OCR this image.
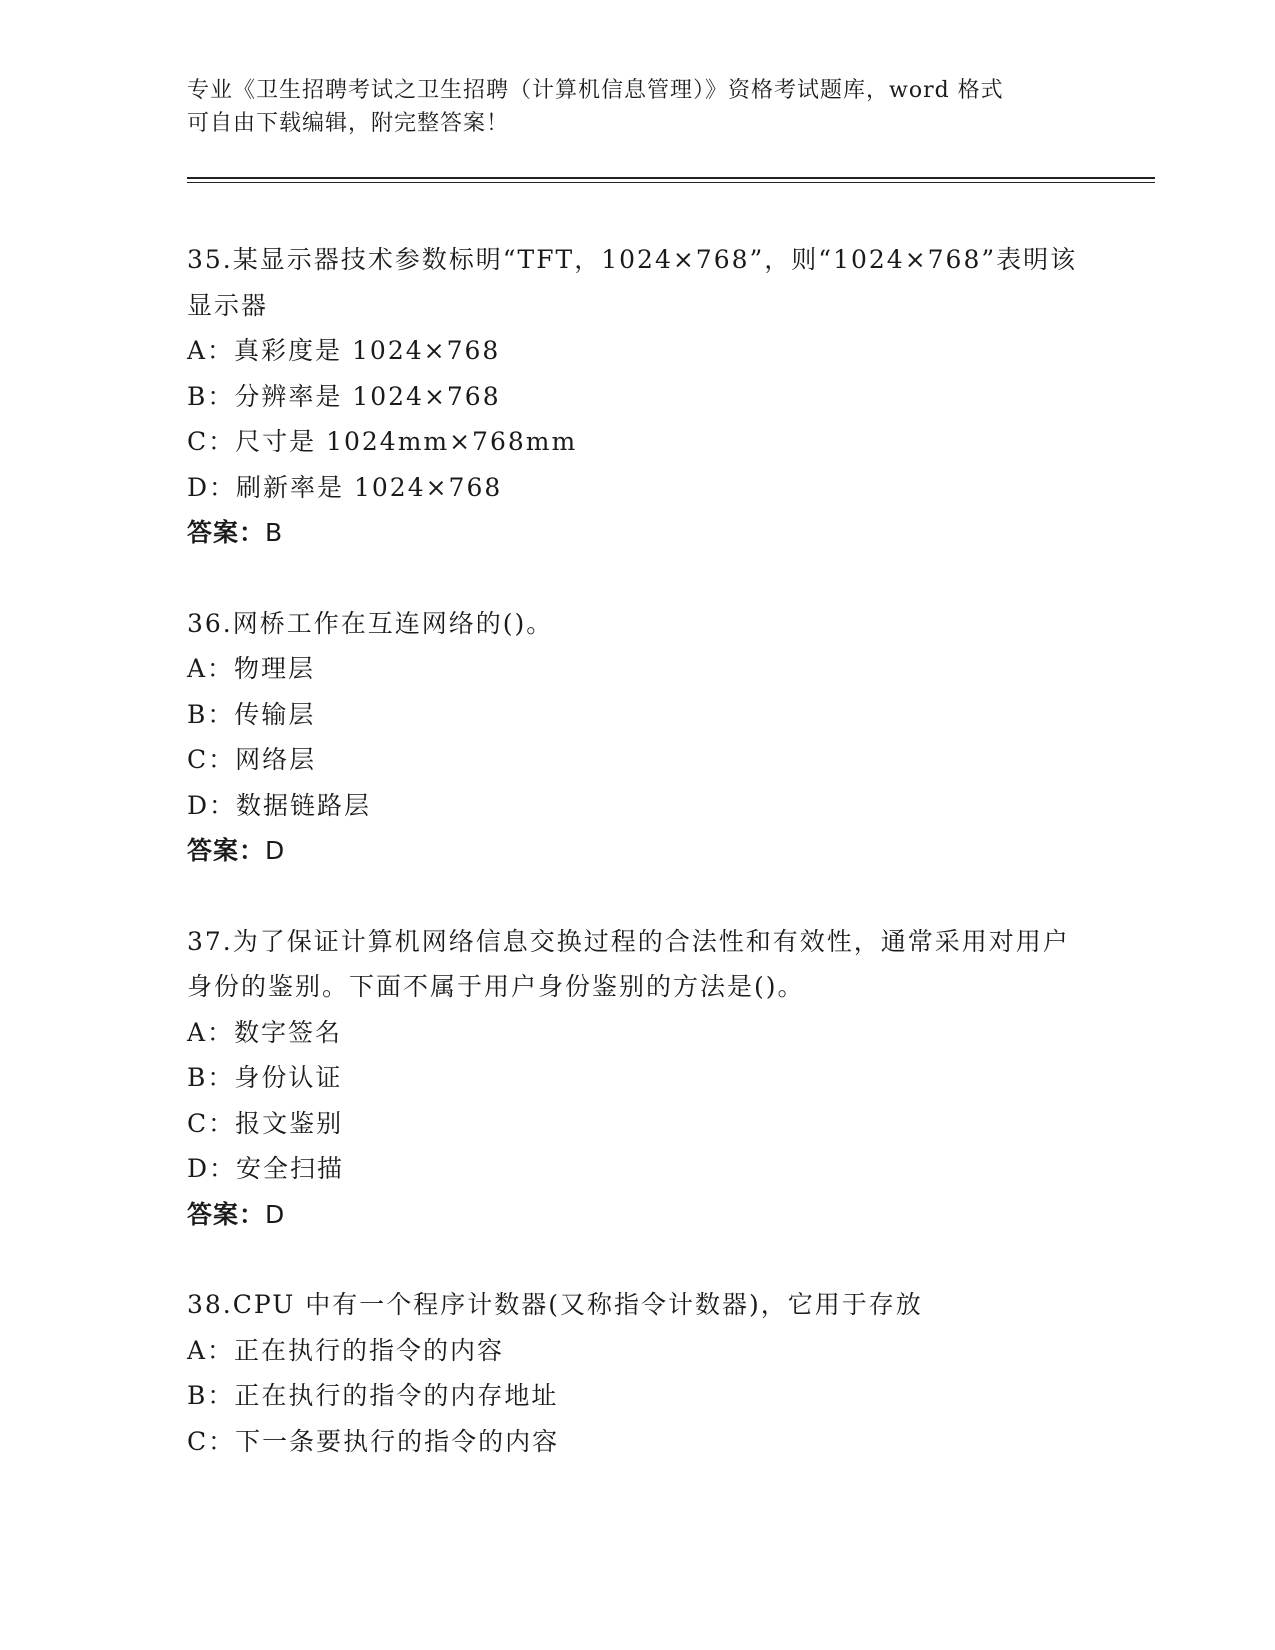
专业《卫生招聘考试之卫生招聘（计算机信息管理）》资格考试题库，word 格式
可自由下载编辑，附完整答案！
35.某显示器技术参数标明“TFT，1024×768”，则“1024×768”表明该显示器
A：真彩度是 1024×768
B：分辨率是 1024×768
C：尺寸是 1024mm×768mm
D：刷新率是 1024×768
答案：B
36.网桥工作在互连网络的()。
A：物理层
B：传输层
C：网络层
D：数据链路层
答案：D
37.为了保证计算机网络信息交换过程的合法性和有效性，通常采用对用户身份的鉴别。下面不属于用户身份鉴别的方法是()。
A：数字签名
B：身份认证
C：报文鉴别
D：安全扫描
答案：D
38.CPU 中有一个程序计数器(又称指令计数器)，它用于存放
A：正在执行的指令的内容
B：正在执行的指令的内存地址
C：下一条要执行的指令的内容
